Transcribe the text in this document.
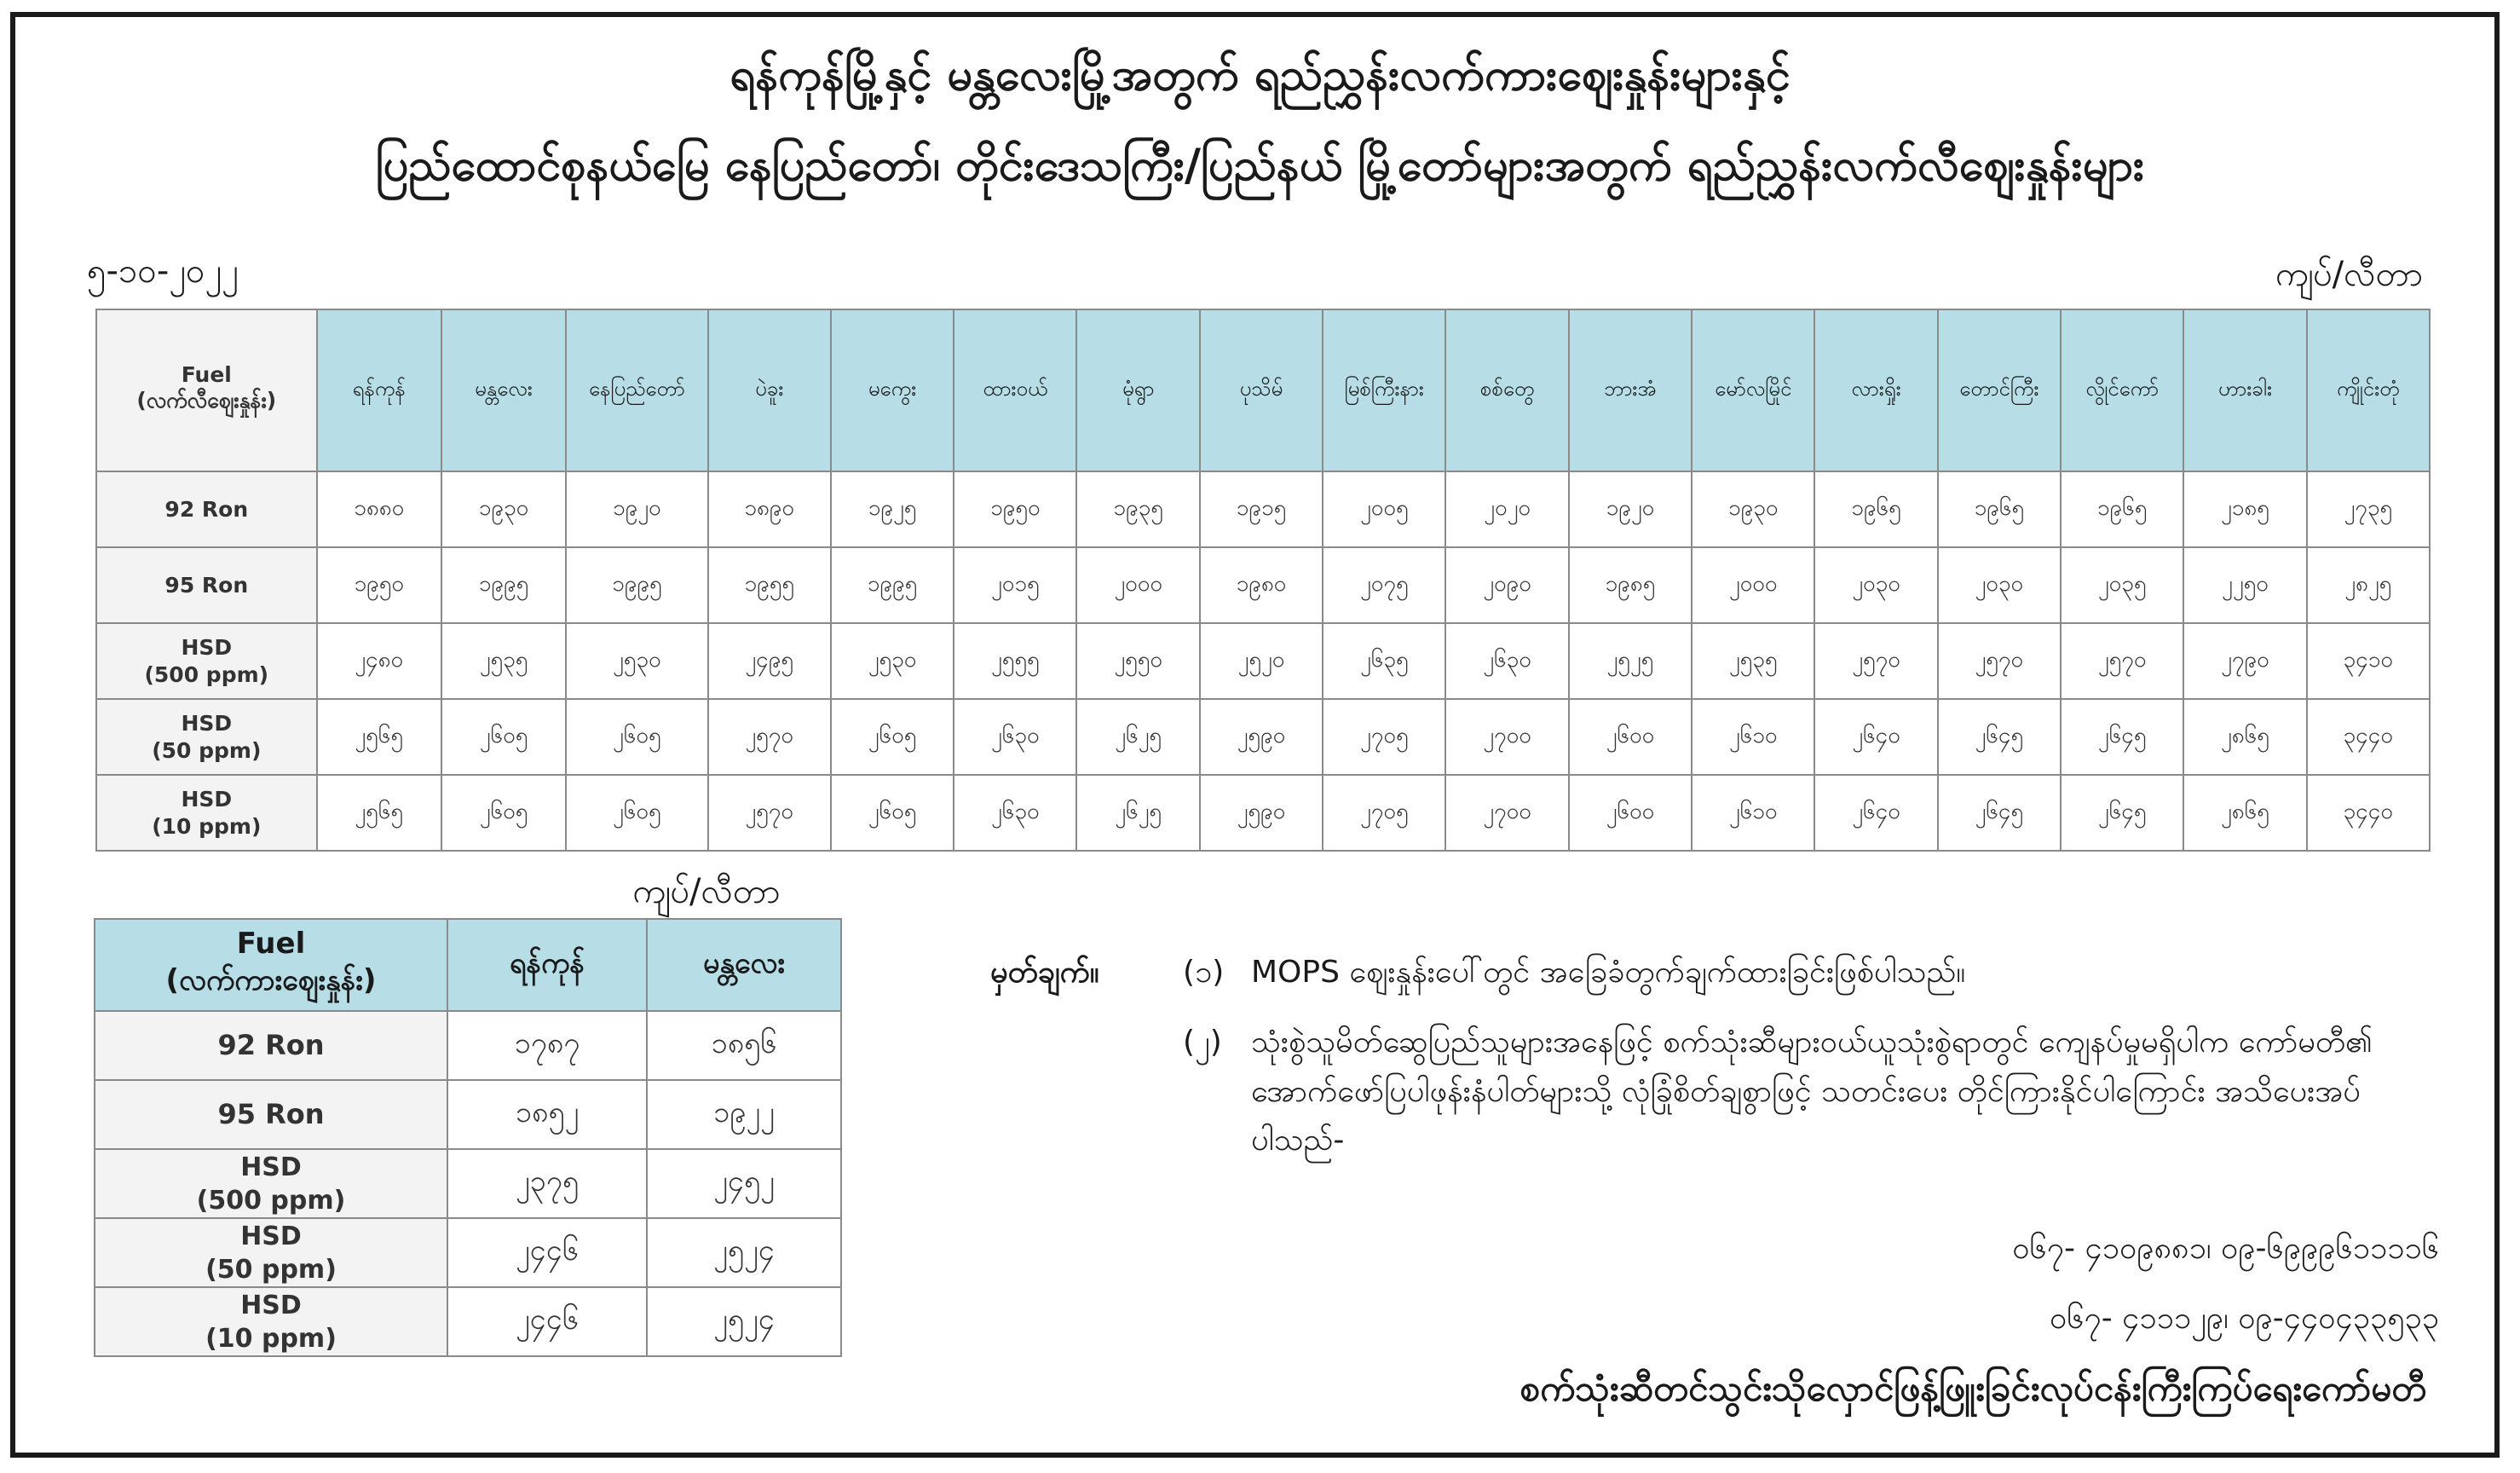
ရန်ကုန်မြို့နှင့် မန္တလေးမြို့အတွက် ရည်ညွှန်းလက်ကားဈေးနှုန်းများနှင့်
ပြည်ထောင်စုနယ်မြေ နေပြည်တော်၊ တိုင်းဒေသကြီး/ပြည်နယ် မြို့တော်များအတွက် ရည်ညွှန်းလက်လီဈေးနှုန်းများ
၅-၁၀-၂၀၂၂	ကျပ်/လီတာ
Fuel
(လက်လီဈေးနှုန်း)	ရန်ကုန်	မန္တလေး	နေပြည်တော်	ပဲခူး	မကွေး	ထားဝယ်	မုံရွာ	ပုသိမ်	မြစ်ကြီးနား	စစ်တွေ	ဘားအံ	မော်လမြိုင်	လားရှိုး	တောင်ကြီး	လွိုင်ကော်	ဟားခါး	ကျိုင်းတုံ
92 Ron	၁၈၈၀	၁၉၃၀	၁၉၂၀	၁၈၉၀	၁၉၂၅	၁၉၅၀	၁၉၃၅	၁၉၁၅	၂၀၀၅	၂၀၂၀	၁၉၂၀	၁၉၃၀	၁၉၆၅	၁၉၆၅	၁၉၆၅	၂၁၈၅	၂၇၃၅
95 Ron	၁၉၅၀	၁၉၉၅	၁၉၉၅	၁၉၅၅	၁၉၉၅	၂၀၁၅	၂၀၀၀	၁၉၈၀	၂၀၇၅	၂၀၉၀	၁၉၈၅	၂၀၀၀	၂၀၃၀	၂၀၃၀	၂၀၃၅	၂၂၅၀	၂၈၂၅
HSD
(500 ppm)	၂၄၈၀	၂၅၃၅	၂၅၃၀	၂၄၉၅	၂၅၃၀	၂၅၅၅	၂၅၅၀	၂၅၂၀	၂၆၃၅	၂၆၃၀	၂၅၂၅	၂၅၃၅	၂၅၇၀	၂၅၇၀	၂၅၇၀	၂၇၉၀	၃၄၁၀
HSD
(50 ppm)	၂၅၆၅	၂၆၀၅	၂၆၀၅	၂၅၇၀	၂၆၀၅	၂၆၃၀	၂၆၂၅	၂၅၉၀	၂၇၀၅	၂၇၀၀	၂၆၀၀	၂၆၁၀	၂၆၄၀	၂၆၄၅	၂၆၄၅	၂၈၆၅	၃၄၄၀
HSD
(10 ppm)	၂၅၆၅	၂၆၀၅	၂၆၀၅	၂၅၇၀	၂၆၀၅	၂၆၃၀	၂၆၂၅	၂၅၉၀	၂၇၀၅	၂၇၀၀	၂၆၀၀	၂၆၁၀	၂၆၄၀	၂၆၄၅	၂၆၄၅	၂၈၆၅	၃၄၄၀
ကျပ်/လီတာ
Fuel
(လက်ကားဈေးနှုန်း)	ရန်ကုန်	မန္တလေး
92 Ron	၁၇၈၇	၁၈၅၆
95 Ron	၁၈၅၂	၁၉၂၂
HSD
(500 ppm)	၂၃၇၅	၂၄၅၂
HSD
(50 ppm)	၂၄၄၆	၂၅၂၄
HSD
(10 ppm)	၂၄၄၆	၂၅၂၄
မှတ်ချက်။	(၁) MOPS ဈေးနှုန်းပေါ်တွင် အခြေခံတွက်ချက်ထားခြင်းဖြစ်ပါသည်။
(၂) သုံးစွဲသူမိတ်ဆွေပြည်သူများအနေဖြင့် စက်သုံးဆီများဝယ်ယူသုံးစွဲရာတွင် ကျေနပ်မှုမရှိပါက ကော်မတီ၏ အောက်ဖော်ပြပါဖုန်းနံပါတ်များသို့ လုံခြုံစိတ်ချစွာဖြင့် သတင်းပေး တိုင်ကြားနိုင်ပါကြောင်း အသိပေးအပ်ပါသည်-
၀၆၇- ၄၁၀၉၈၈၁၊ ၀၉-၆၉၉၉၆၁၁၁၁၆
၀၆၇- ၄၁၁၁၂၉၊ ၀၉-၄၄၀၄၃၃၅၃၃
စက်သုံးဆီတင်သွင်းသိုလှောင်ဖြန့်ဖြူးခြင်းလုပ်ငန်းကြီးကြပ်ရေးကော်မတီ
